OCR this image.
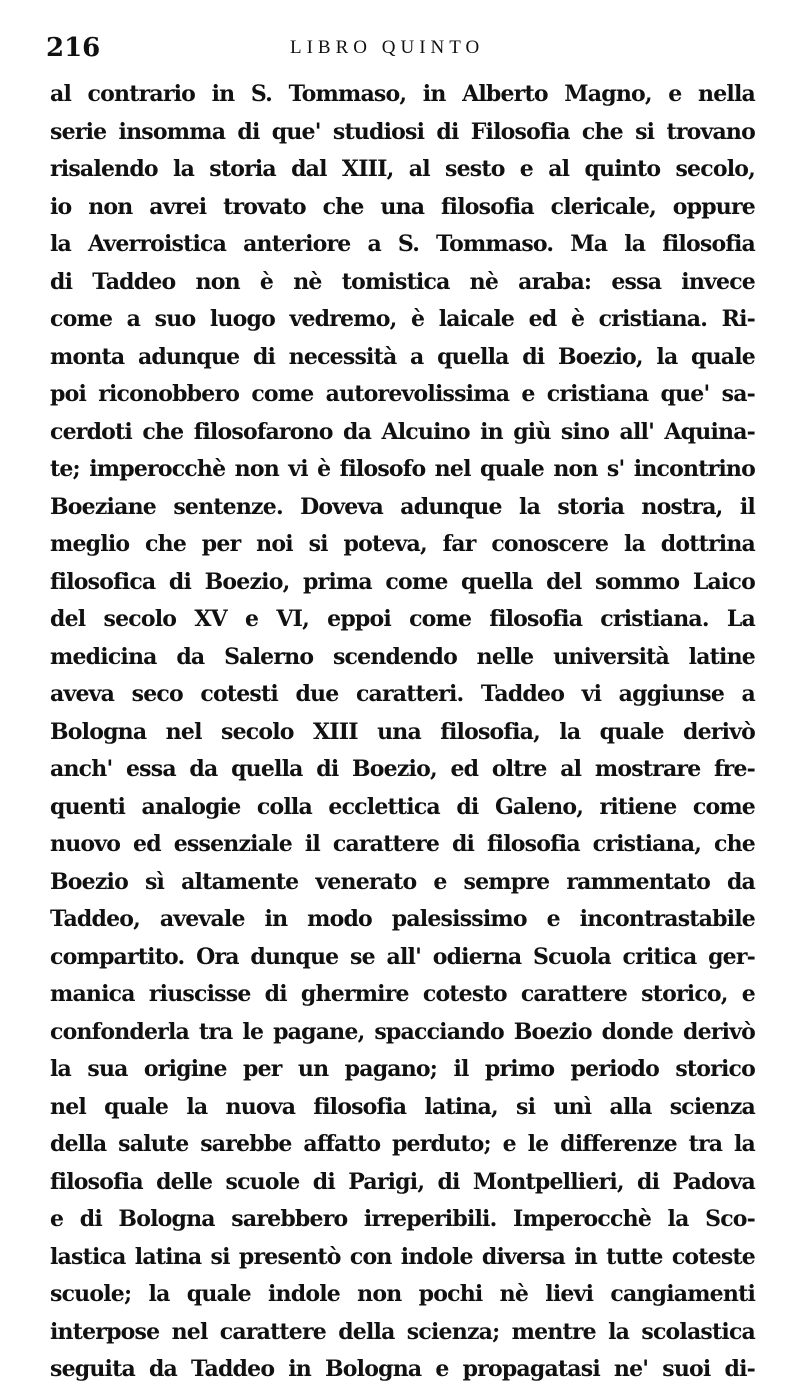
216	LIBRO QUINTO
al contrario in S. Tommaso, in Alberto Magno, e nella
serie insomma di que' studiosi di Filosofia che si trovano
risalendo la storia dal XIII, al sesto e al quinto secolo,
io non avrei trovato che una filosofia clericale, oppure
la Averroistica anteriore a S. Tommaso. Ma la filosofia
di Taddeo non è nè tomistica nè araba: essa invece
come a suo luogo vedremo, è laicale ed è cristiana. Ri-
monta adunque di necessità a quella di Boezio, la quale
poi riconobbero come autorevolissima e cristiana que' sa-
cerdoti che filosofarono da Alcuino in giù sino all' Aquina-
te; imperocchè non vi è filosofo nel quale non s' incontrino
Boeziane sentenze. Doveva adunque la storia nostra, il
meglio che per noi si poteva, far conoscere la dottrina
filosofica di Boezio, prima come quella del sommo Laico
del secolo XV e VI, eppoi come filosofia cristiana. La
medicina da Salerno scendendo nelle università latine
aveva seco cotesti due caratteri. Taddeo vi aggiunse a
Bologna nel secolo XIII una filosofia, la quale derivò
anch' essa da quella di Boezio, ed oltre al mostrare fre-
quenti analogie colla ecclettica di Galeno, ritiene come
nuovo ed essenziale il carattere di filosofia cristiana, che
Boezio sì altamente venerato e sempre rammentato da
Taddeo, avevale in modo palesissimo e incontrastabile
compartito. Ora dunque se all' odierna Scuola critica ger-
manica riuscisse di ghermire cotesto carattere storico, e
confonderla tra le pagane, spacciando Boezio donde derivò
la sua origine per un pagano; il primo periodo storico
nel quale la nuova filosofia latina, si unì alla scienza
della salute sarebbe affatto perduto; e le differenze tra la
filosofia delle scuole di Parigi, di Montpellieri, di Padova
e di Bologna sarebbero irreperibili. Imperocchè la Sco-
lastica latina si presentò con indole diversa in tutte coteste
scuole; la quale indole non pochi nè lievi cangiamenti
interpose nel carattere della scienza; mentre la scolastica
seguita da Taddeo in Bologna e propagatasi ne' suoi di-
